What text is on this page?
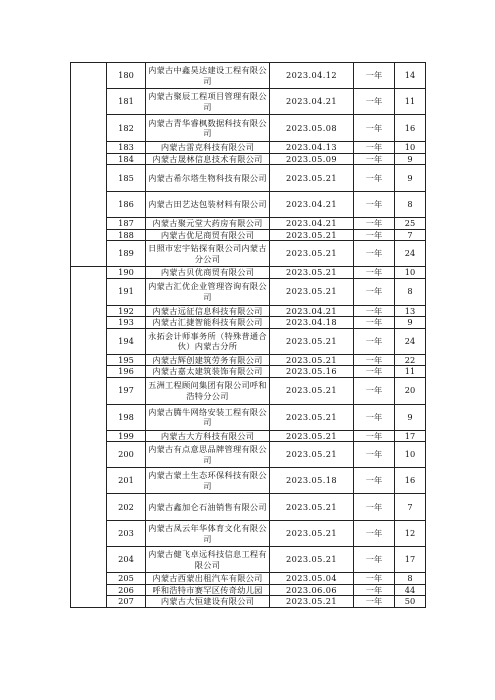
	180	内蒙古中鑫昊达建设工程有限公司	2023.04.12	一年	14
	181	内蒙古聚辰工程项目管理有限公司	2023.04.21	一年	11
	182	内蒙古青华睿枫数据科技有限公司	2023.05.08	一年	16
	183	内蒙古雷克科技有限公司	2023.04.13	一年	10
	184	内蒙古晟林信息技术有限公司	2023.05.09	一年	9
	185	内蒙古希尔塔生物科技有限公司	2023.05.21	一年	9
	186	内蒙古田艺达包装材料有限公司	2023.04.21	一年	8
	187	内蒙古聚元堂大药房有限公司	2023.04.21	一年	25
	188	内蒙古优尼商贸有限公司	2023.05.21	一年	7
	189	日照市宏宇钻探有限公司内蒙古分公司	2023.05.21	一年	24
	190	内蒙古贝优商贸有限公司	2023.05.21	一年	10
	191	内蒙古汇优企业管理咨询有限公司	2023.05.21	一年	8
	192	内蒙古远征信息科技有限公司	2023.04.21	一年	13
	193	内蒙古汇捷智能科技有限公司	2023.04.18	一年	9
	194	永拓会计师事务所（特殊普通合伙）内蒙古分所	2023.05.21	一年	24
	195	内蒙古辉创建筑劳务有限公司	2023.05.21	一年	22
	196	内蒙古嘉太建筑装饰有限公司	2023.05.16	一年	11
	197	五洲工程顾问集团有限公司呼和浩特分公司	2023.05.21	一年	20
	198	内蒙古腾牛网络安装工程有限公司	2023.05.21	一年	9
	199	内蒙古大方科技有限公司	2023.05.21	一年	17
	200	内蒙古有点意思品牌管理有限公司	2023.05.21	一年	10
	201	内蒙古蒙土生态环保科技有限公司	2023.05.18	一年	16
	202	内蒙古鑫加仑石油销售有限公司	2023.05.21	一年	7
	203	内蒙古凤云年华体育文化有限公司	2023.05.21	一年	12
	204	内蒙古健飞卓远科技信息工程有限公司	2023.05.21	一年	17
	205	内蒙古西蒙出租汽车有限公司	2023.05.04	一年	8
	206	呼和浩特市赛罕区传奇幼儿园	2023.06.06	一年	44
	207	内蒙古大恒建设有限公司	2023.05.21	一年	50
